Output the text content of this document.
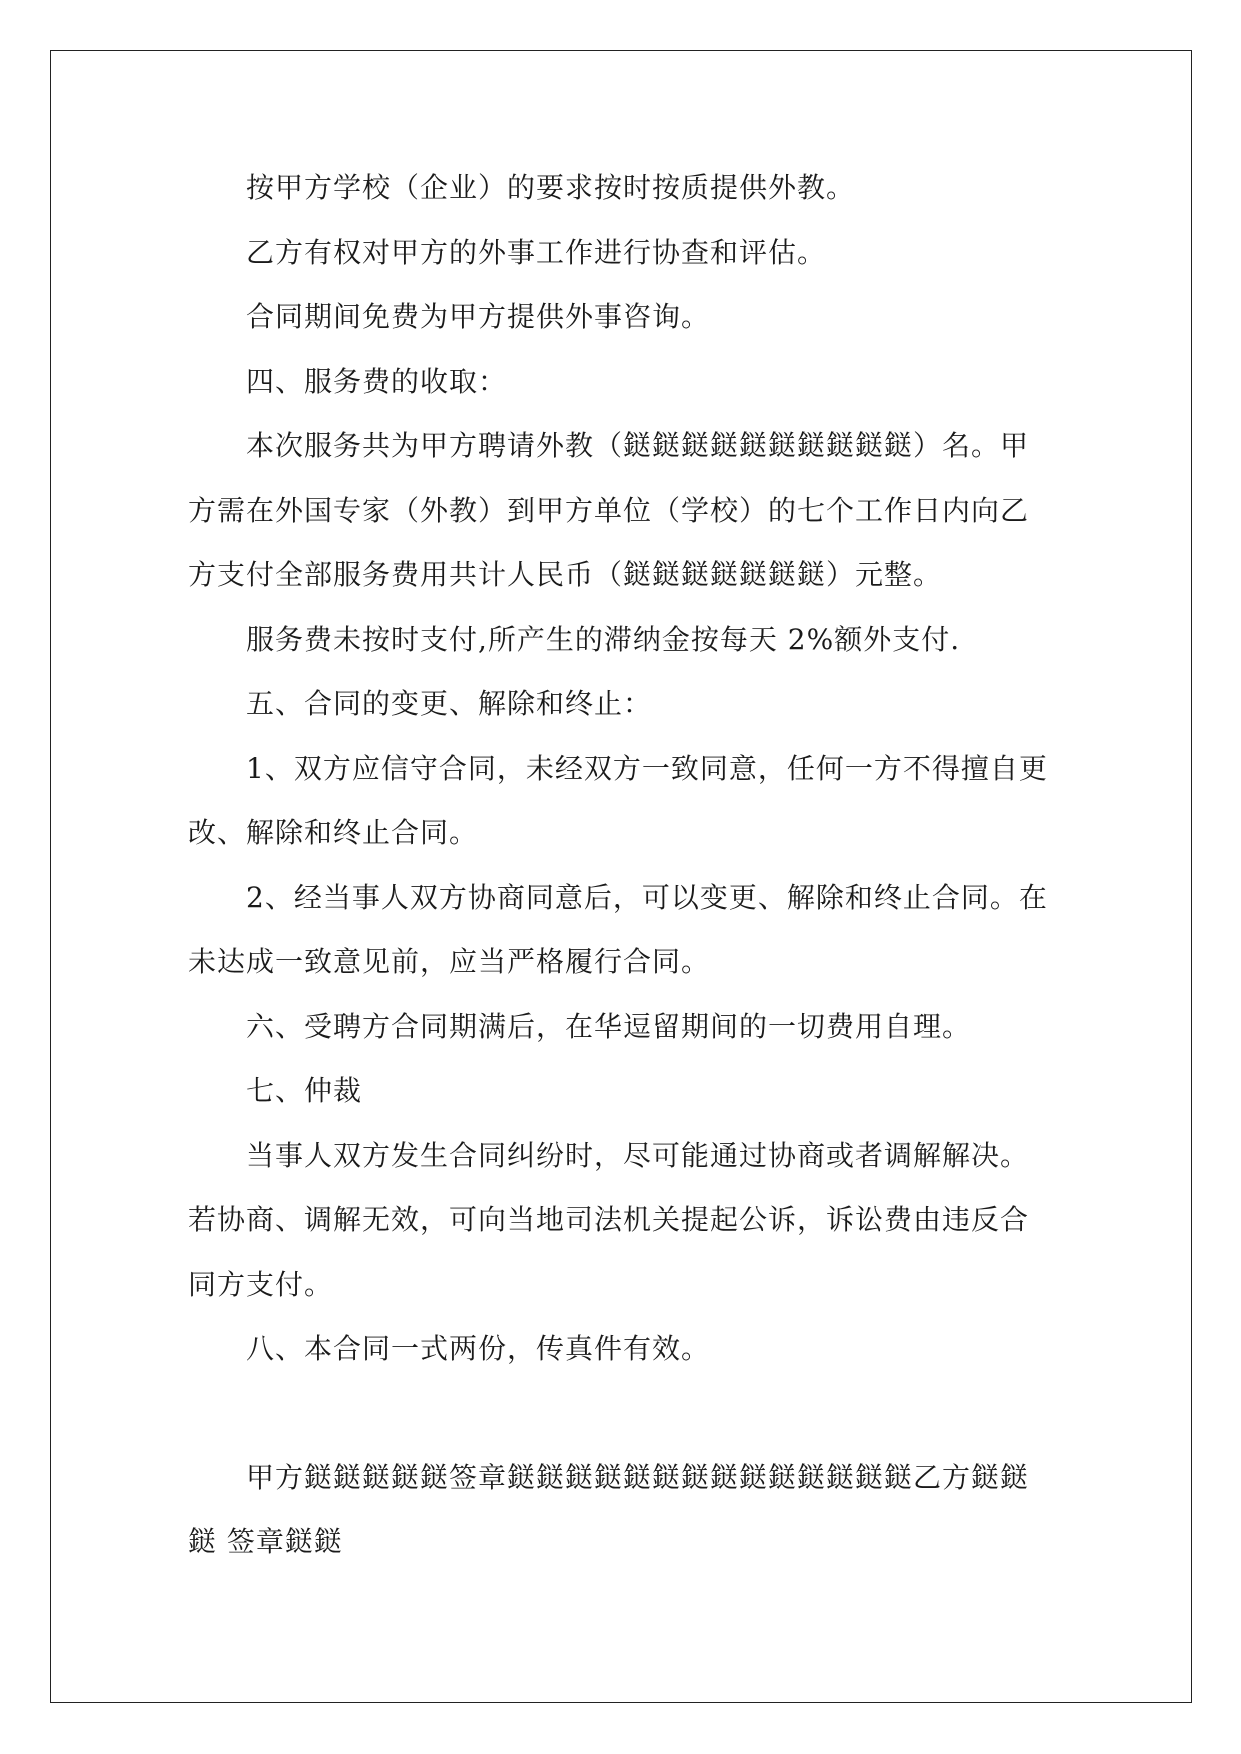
按甲方学校（企业）的要求按时按质提供外教。

乙方有权对甲方的外事工作进行协查和评估。

合同期间免费为甲方提供外事咨询。

四、服务费的收取：

本次服务共为甲方聘请外教（鎹鎹鎹鎹鎹鎹鎹鎹鎹鎹）名。甲方需在外国专家（外教）到甲方单位（学校）的七个工作日内向乙方支付全部服务费用共计人民币（鎹鎹鎹鎹鎹鎹鎹）元整。

服务费未按时支付,所产生的滞纳金按每天 2%额外支付.

五、合同的变更、解除和终止：

1、双方应信守合同，未经双方一致同意，任何一方不得擅自更改、解除和终止合同。

2、经当事人双方协商同意后，可以变更、解除和终止合同。在未达成一致意见前，应当严格履行合同。

六、受聘方合同期满后，在华逗留期间的一切费用自理。

七、仲裁

当事人双方发生合同纠纷时，尽可能通过协商或者调解解决。若协商、调解无效，可向当地司法机关提起公诉，诉讼费由违反合同方支付。

八、本合同一式两份，传真件有效。

甲方鎹鎹鎹鎹鎹签章鎹鎹鎹鎹鎹鎹鎹鎹鎹鎹鎹鎹鎹鎹乙方鎹鎹鎹 签章鎹鎹
